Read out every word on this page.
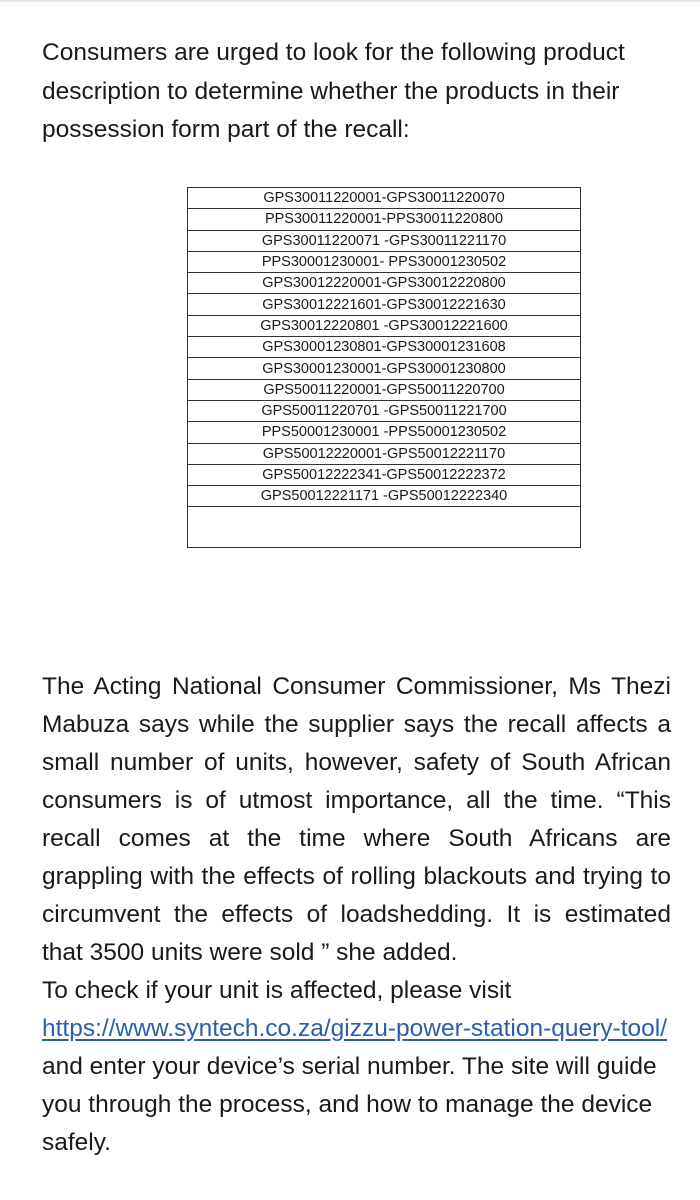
Consumers are urged to look for the following product description to determine whether the products in their possession form part of the recall:

GPS30011220001-GPS30011220070
PPS30011220001-PPS30011220800
GPS30011220071 -GPS30011221170
PPS30001230001- PPS30001230502
GPS30012220001-GPS30012220800
GPS30012221601-GPS30012221630
GPS30012220801 -GPS30012221600
GPS30001230801-GPS30001231608
GPS30001230001-GPS30001230800
GPS50011220001-GPS50011220700
GPS50011220701 -GPS50011221700
PPS50001230001 -PPS50001230502
GPS50012220001-GPS50012221170
GPS50012222341-GPS50012222372
GPS50012221171 -GPS50012222340

The Acting National Consumer Commissioner, Ms Thezi Mabuza says while the supplier says the recall affects a small number of units, however, safety of South African consumers is of utmost importance, all the time. “This recall comes at the time where South Africans are grappling with the effects of rolling blackouts and trying to circumvent the effects of loadshedding. It is estimated that 3500 units were sold ” she added.

To check if your unit is affected, please visit https://www.syntech.co.za/gizzu-power-station-query-tool/ and enter your device’s serial number. The site will guide you through the process, and how to manage the device safely.
